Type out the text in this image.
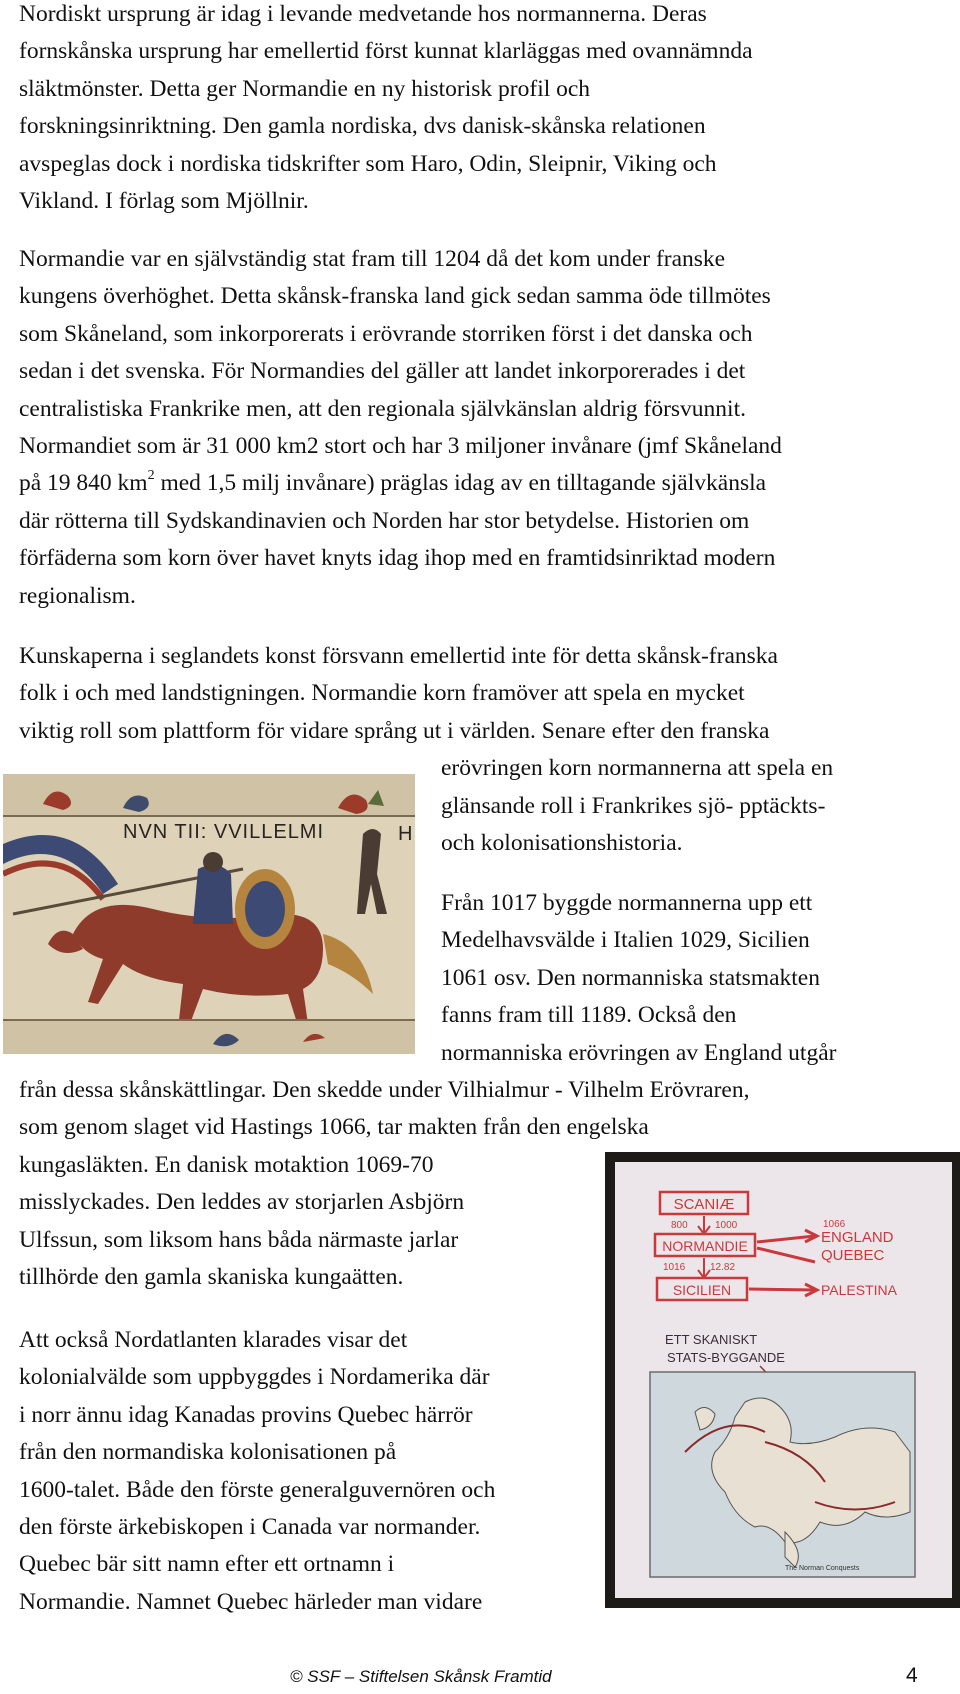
Nordiskt ursprung är idag i levande medvetande hos normannerna. Deras
fornskånska ursprung har emellertid först kunnat klarläggas med ovannämnda
släktmönster. Detta ger Normandie en ny historisk profil och
forskningsinriktning. Den gamla nordiska, dvs danisk-skånska relationen
avspeglas dock i nordiska tidskrifter som Haro, Odin, Sleipnir, Viking och
Vikland. I förlag som Mjöllnir.
Normandie var en självständig stat fram till 1204 då det kom under franske
kungens överhöghet. Detta skånsk-franska land gick sedan samma öde tillmötes
som Skåneland, som inkorporerats i erövrande storriken först i det danska och
sedan i det svenska. För Normandies del gäller att landet inkorporerades i det
centralistiska Frankrike men, att den regionala självkänslan aldrig försvunnit.
Normandiet som är 31 000 km2 stort och har 3 miljoner invånare (jmf Skåneland
på 19 840 $km^2$ med 1,5 milj invånare) präglas idag av en tilltagande självkänsla
där rötterna till Sydskandinavien och Norden har stor betydelse. Historien om
förfäderna som korn över havet knyts idag ihop med en framtidsinriktad modern
regionalism.
Kunskaperna i seglandets konst försvann emellertid inte för detta skånsk-franska
folk i och med landstigningen. Normandie korn framöver att spela en mycket
viktig roll som plattform för vidare språng ut i världen. Senare efter den franska
erövringen korn normannerna att spela en
glänsande roll i Frankrikes sjö- pptäckts-
och kolonisationshistoria.
Från 1017 byggde normannerna upp ett
Medelhavsvälde i Italien 1029, Sicilien
1061 osv. Den normanniska statsmakten
fanns fram till 1189. Också den
normanniska erövringen av England utgår
från dessa skånskättlingar. Den skedde under Vilhialmur - Vilhelm Erövraren,
som genom slaget vid Hastings 1066, tar makten från den engelska
kungasläkten. En danisk motaktion 1069-70
misslyckades. Den leddes av storjarlen Asbjörn
Ulfssun, som liksom hans båda närmaste jarlar
tillhörde den gamla skaniska kungaätten.
Att också Nordatlanten klarades visar det
kolonialvälde som uppbyggdes i Nordamerika där
i norr ännu idag Kanadas provins Quebec härrör
från den normandiska kolonisationen på
1600-talet. Både den förste generalguvernören och
den förste ärkebiskopen i Canada var normander.
Quebec bär sitt namn efter ett ortnamn i
Normandie. Namnet Quebec härleder man vidare
NVN TII: VVILLELMI	H
SCANIÆ
800	1000
NORMANDIE
1016 12.82
SICILIEN
1066
ENGLAND
QUEBEC
PALESTINA
ETT SKANISKT
STATS-BYGGANDE
The Norman Conquests
© SSF – Stiftelsen Skånsk Framtid	4
